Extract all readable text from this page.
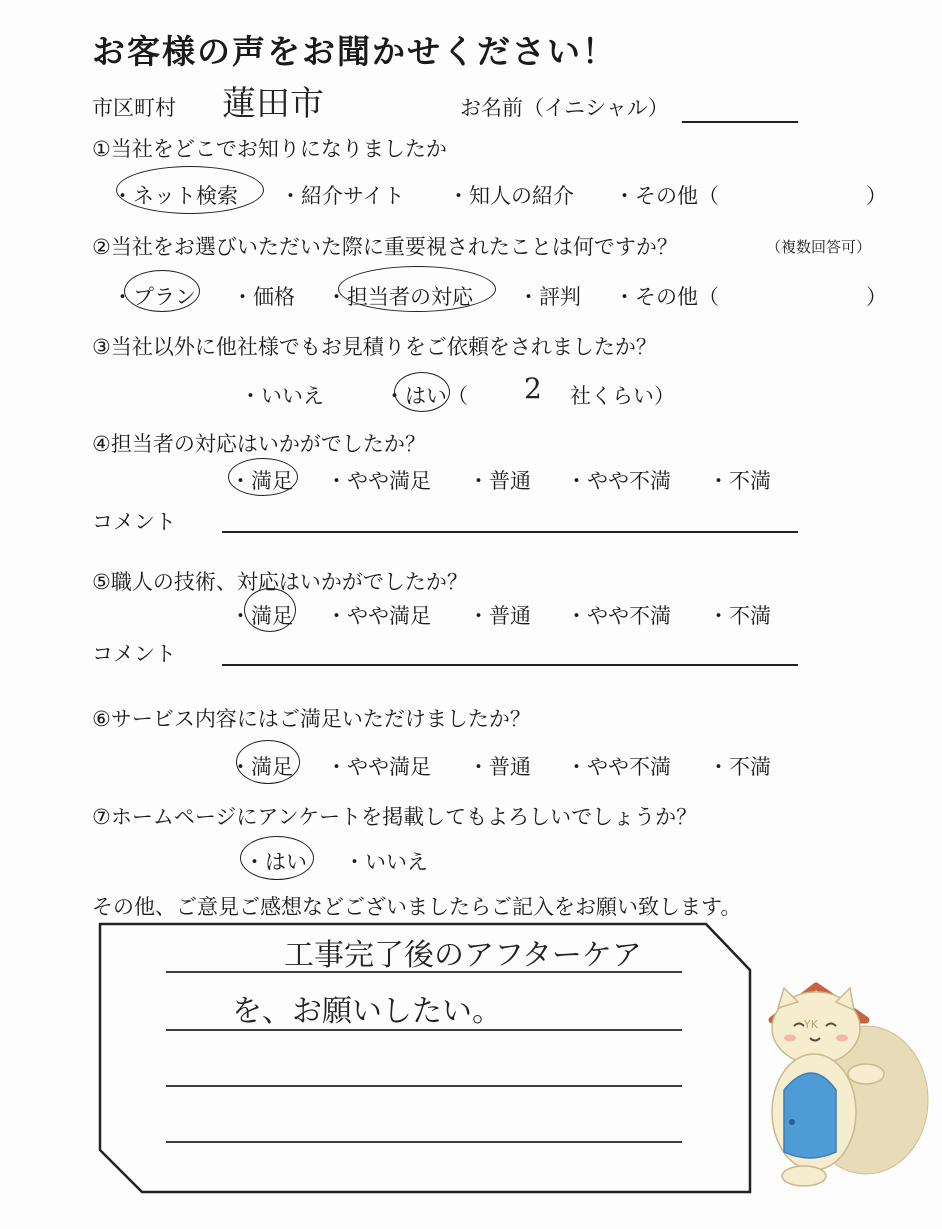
お客様の声をお聞かせください！
市区町村 蓮田市	お名前（イニシャル）
①当社をどこでお知りになりましたか
・ネット検索 ・紹介サイト ・知人の紹介 ・その他（	）
②当社をお選びいただいた際に重要視されたことは何ですか？	（複数回答可）
・プラン ・価格 ・担当者の対応 ・評判 ・その他（	）
③当社以外に他社様でもお見積りをご依頼をされましたか？
・いいえ	・はい（ 2 社くらい）
④担当者の対応はいかがでしたか？
・満足 ・やや満足 ・普通 ・やや不満 ・不満
コメント
⑤職人の技術、対応はいかがでしたか？
・満足 ・やや満足 ・普通 ・やや不満 ・不満
コメント
⑥サービス内容にはご満足いただけましたか？
・満足 ・やや満足 ・普通 ・やや不満 ・不満
⑦ホームページにアンケートを掲載してもよろしいでしょうか？
・はい ・いいえ
その他、ご意見ご感想などございましたらご記入をお願い致します。
工事完了後のアフターケア
を、お願いしたい。	YK
